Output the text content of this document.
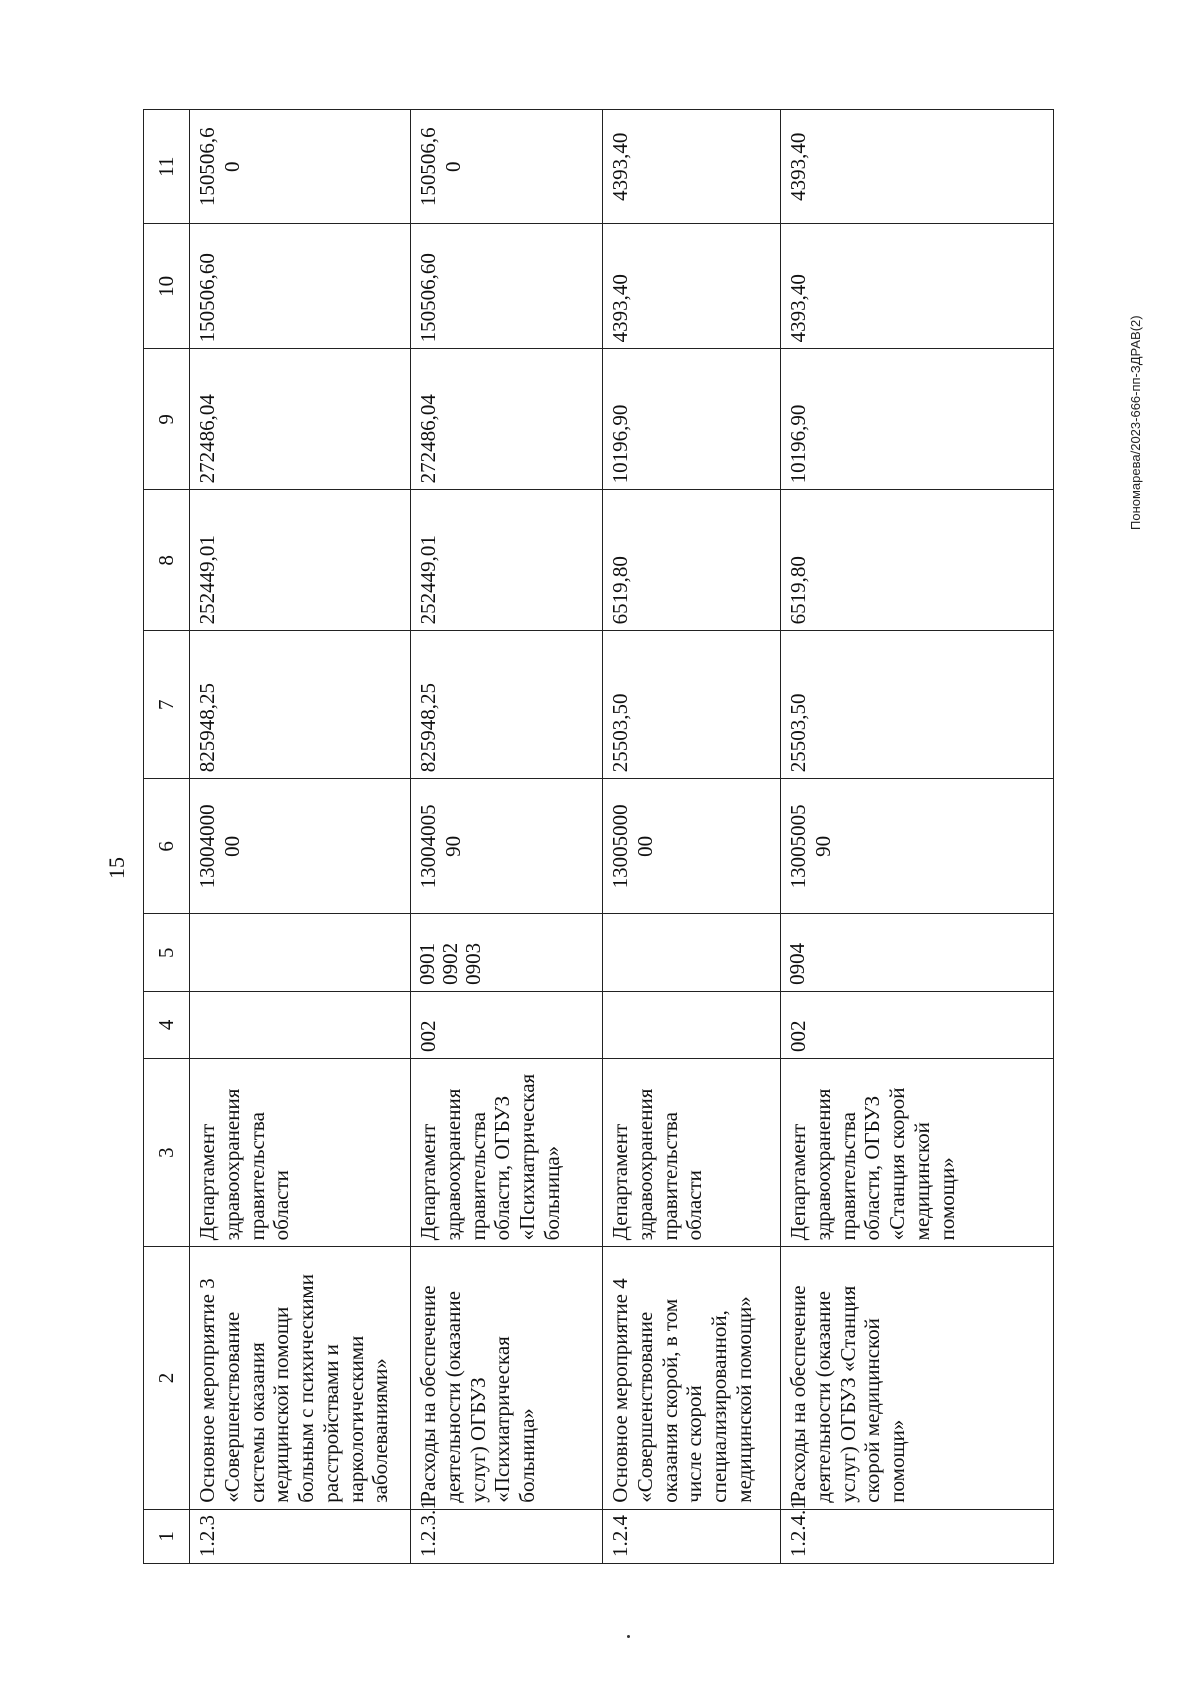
15
Пономарева/2023-666-пп-ЗДРАВ(2)
1	2	3	4	5	6	7	8	9	10	11
1.2.3	Основное мероприятие 3 «Совершенствование системы оказания медицинской помощи больным с психическими расстройствами и наркологическими заболеваниями»	Департамент здравоохранения правительства области			13004000 00	825948,25	252449,01	272486,04	150506,60	150506,6 0

1.2.3.1	Расходы на обеспечение деятельности (оказание услуг) ОГБУЗ «Психиатрическая больница»	Департамент здравоохранения правительства области, ОГБУЗ «Психиатрическая больница»	002	0901 0902 0903	13004005 90	825948,25	252449,01	272486,04	150506,60	150506,6 0

1.2.4	Основное мероприятие 4 «Совершенствование оказания скорой, в том числе скорой специализированной, медицинской помощи»	Департамент здравоохранения правительства области			13005000 00	25503,50	6519,80	10196,90	4393,40	4393,40

1.2.4.1	Расходы на обеспечение деятельности (оказание услуг) ОГБУЗ «Станция скорой медицинской помощи»	Департамент здравоохранения правительства области, ОГБУЗ «Станция скорой медицинской помощи»	002	0904	13005005 90	25503,50	6519,80	10196,90	4393,40	4393,40
